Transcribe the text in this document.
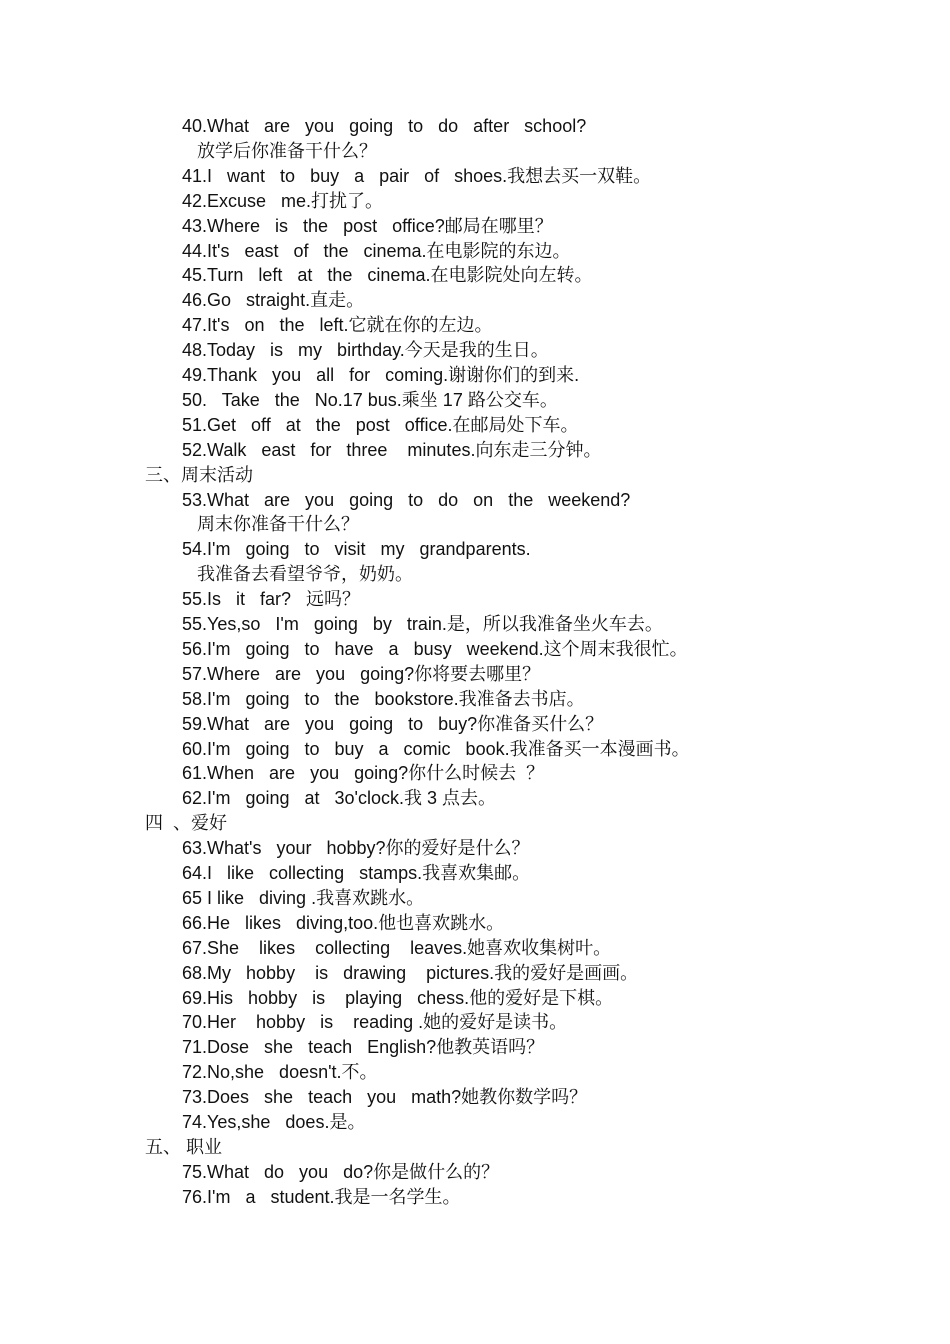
40.What   are   you   going   to   do   after   school?

放学后你准备干什么？

41.I   want   to   buy   a   pair   of   shoes.我想去买一双鞋。

42.Excuse   me.打扰了。

43.Where   is   the   post   office?邮局在哪里？

44.It's   east   of   the   cinema.在电影院的东边。

45.Turn   left   at   the   cinema.在电影院处向左转。

46.Go   straight.直走。

47.It's   on   the   left.它就在你的左边。

48.Today   is   my   birthday.今天是我的生日。

49.Thank   you   all   for   coming.谢谢你们的到来.

50.   Take   the   No.17 bus.乘坐 17 路公交车。

51.Get   off   at   the   post   office.在邮局处下车。

52.Walk   east   for   three    minutes.向东走三分钟。

三、周末活动

53.What   are   you   going   to   do   on   the   weekend?

周末你准备干什么？

54.I'm   going   to   visit   my   grandparents.

我准备去看望爷爷，奶奶。

55.Is   it   far?   远吗？

55.Yes,so   I'm   going   by   train.是，所以我准备坐火车去。

56.I'm   going   to   have   a   busy   weekend.这个周末我很忙。

57.Where   are   you   going?你将要去哪里？

58.I'm   going   to   the   bookstore.我准备去书店。

59.What   are   you   going   to   buy?你准备买什么？

60.I'm   going   to   buy   a   comic   book.我准备买一本漫画书。

61.When   are   you   going?你什么时候去  ？

62.I'm   going   at   3o'clock.我 3 点去。

四  、爱好

63.What's   your   hobby?你的爱好是什么？

64.I   like   collecting   stamps.我喜欢集邮。

65 I like   diving .我喜欢跳水。

66.He   likes   diving,too.他也喜欢跳水。

67.She    likes    collecting    leaves.她喜欢收集树叶。

68.My   hobby    is   drawing    pictures.我的爱好是画画。

69.His   hobby   is    playing   chess.他的爱好是下棋。

70.Her    hobby   is    reading .她的爱好是读书。

71.Dose   she   teach   English?他教英语吗？

72.No,she   doesn't.不。

73.Does   she   teach   you   math?她教你数学吗？

74.Yes,she   does.是。

五、 职业

75.What   do   you   do?你是做什么的？

76.I'm   a   student.我是一名学生。
